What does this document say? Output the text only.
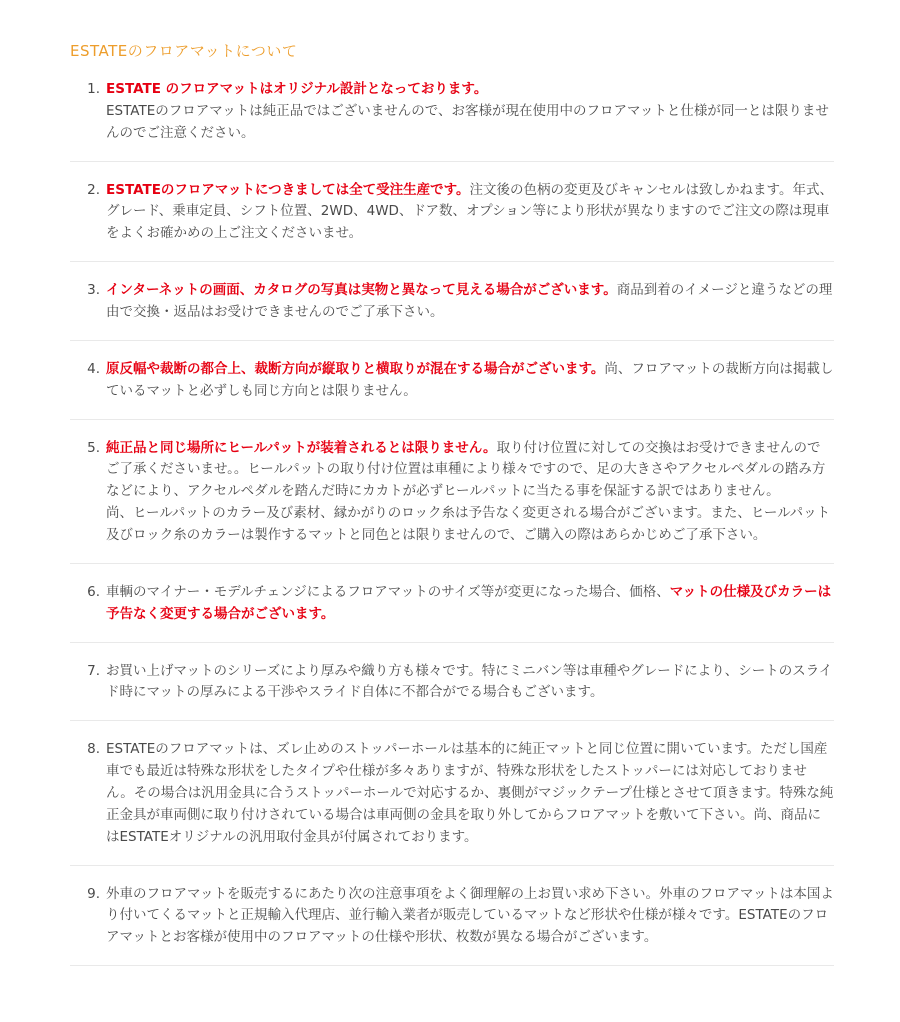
ESTATEのフロアマットについて
1. ESTATE のフロアマットはオリジナル設計となっております。
ESTATEのフロアマットは純正品ではございませんので、お客様が現在使用中のフロアマットと仕様が同一とは限りませんのでご注意ください。
2. ESTATEのフロアマットにつきましては全て受注生産です。注文後の色柄の変更及びキャンセルは致しかねます。年式、グレード、乗車定員、シフト位置、2WD、4WD、ドア数、オプション等により形状が異なりますのでご注文の際は現車をよくお確かめの上ご注文くださいませ。
3. インターネットの画面、カタログの写真は実物と異なって見える場合がございます。商品到着のイメージと違うなどの理由で交換・返品はお受けできませんのでご了承下さい。
4. 原反幅や裁断の都合上、裁断方向が縦取りと横取りが混在する場合がございます。尚、フロアマットの裁断方向は掲載しているマットと必ずしも同じ方向とは限りません。
5. 純正品と同じ場所にヒールパットが装着されるとは限りません。取り付け位置に対しての交換はお受けできませんのでご了承くださいませ。。ヒールパットの取り付け位置は車種により様々ですので、足の大きさやアクセルペダルの踏み方などにより、アクセルペダルを踏んだ時にカカトが必ずヒールパットに当たる事を保証する訳ではありません。
尚、ヒールパットのカラー及び素材、縁かがりのロック糸は予告なく変更される場合がございます。また、ヒールパット及びロック糸のカラーは製作するマットと同色とは限りませんので、ご購入の際はあらかじめご了承下さい。
6. 車輌のマイナー・モデルチェンジによるフロアマットのサイズ等が変更になった場合、価格、マットの仕様及びカラーは予告なく変更する場合がございます。
7. お買い上げマットのシリーズにより厚みや織り方も様々です。特にミニバン等は車種やグレードにより、シートのスライド時にマットの厚みによる干渉やスライド自体に不都合がでる場合もございます。
8. ESTATEのフロアマットは、ズレ止めのストッパーホールは基本的に純正マットと同じ位置に開いています。ただし国産車でも最近は特殊な形状をしたタイプや仕様が多々ありますが、特殊な形状をしたストッパーには対応しておりません。その場合は汎用金具に合うストッパーホールで対応するか、裏側がマジックテープ仕様とさせて頂きます。特殊な純正金具が車両側に取り付けされている場合は車両側の金具を取り外してからフロアマットを敷いて下さい。尚、商品にはESTATEオリジナルの汎用取付金具が付属されております。
9. 外車のフロアマットを販売するにあたり次の注意事項をよく御理解の上お買い求め下さい。外車のフロアマットは本国より付いてくるマットと正規輸入代理店、並行輸入業者が販売しているマットなど形状や仕様が様々です。ESTATEのフロアマットとお客様が使用中のフロアマットの仕様や形状、枚数が異なる場合がございます。
